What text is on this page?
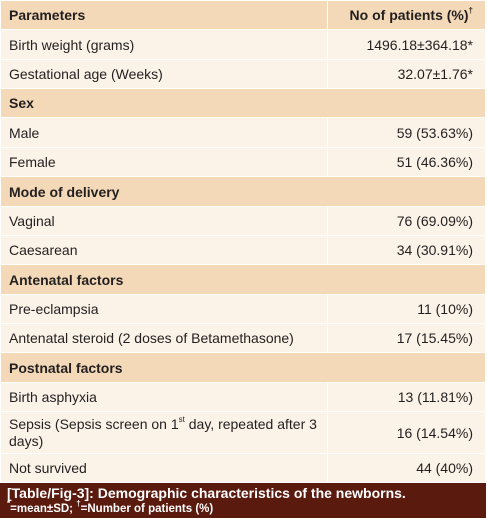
Parameters	No of patients (%)†
Birth weight (grams)	1496.18±364.18*
Gestational age (Weeks)	32.07±1.76*
Sex	
Male	59 (53.63%)
Female	51 (46.36%)
Mode of delivery	
Vaginal	76 (69.09%)
Caesarean	34 (30.91%)
Antenatal factors	
Pre-eclampsia	11 (10%)
Antenatal steroid (2 doses of Betamethasone)	17 (15.45%)
Postnatal factors	
Birth asphyxia	13 (11.81%)
Sepsis (Sepsis screen on 1st day, repeated after 3 days)	16 (14.54%)
Not survived	44 (40%)
[Table/Fig-3]: Demographic characteristics of the newborns.
*=mean±SD; †=Number of patients (%)
